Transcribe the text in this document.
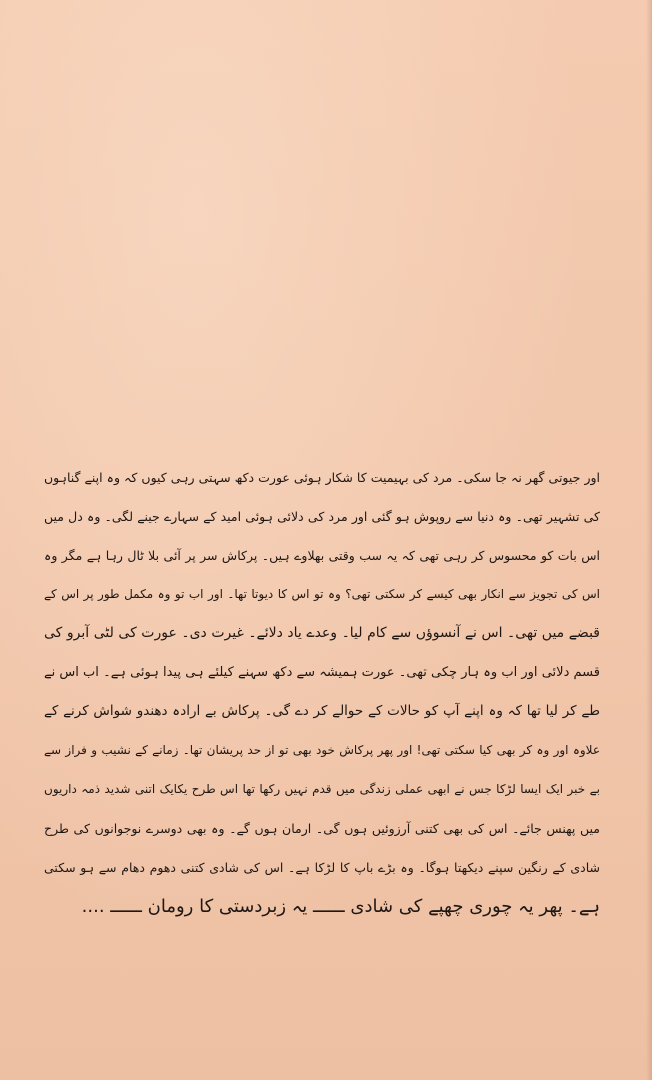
اور جیوتی گھر نہ جا سکی۔ مرد کی بہیمیت کا شکار ہوئی عورت دکھ سہتی رہی کیوں کہ وہ اپنے گناہوں
کی تشہیر تھی۔ وہ دنیا سے روپوش ہو گئی اور مرد کی دلائی ہوئی امید کے سہارے جینے لگی۔ وہ دل میں
اس بات کو محسوس کر رہی تھی کہ یہ سب وقتی بھلاوے ہیں۔ پرکاش سر پر آئی بلا ٹال رہا ہے مگر وہ
اس کی تجویز سے انکار بھی کیسے کر سکتی تھی؟ وہ تو اس کا دیوتا تھا۔ اور اب تو وہ مکمل طور پر اس کے
قبضے میں تھی۔ اس نے آنسوؤں سے کام لیا۔ وعدے یاد دلائے۔ غیرت دی۔ عورت کی لٹی آبرو کی
قسم دلائی اور اب وہ ہار چکی تھی۔ عورت ہمیشہ سے دکھ سہنے کیلئے ہی پیدا ہوئی ہے۔ اب اس نے
طے کر لیا تھا کہ وہ اپنے آپ کو حالات کے حوالے کر دے گی۔ پرکاش بے ارادہ دھندو شواش کرنے کے
علاوہ اور وہ کر بھی کیا سکتی تھی! اور پھر پرکاش خود بھی تو از حد پریشان تھا۔ زمانے کے نشیب و فراز سے
بے خبر ایک ایسا لڑکا جس نے ابھی عملی زندگی میں قدم نہیں رکھا تھا اس طرح یکایک اتنی شدید ذمہ داریوں
میں پھنس جائے۔ اس کی بھی کتنی آرزوئیں ہوں گی۔ ارمان ہوں گے۔ وہ بھی دوسرے نوجوانوں کی طرح
شادی کے رنگین سپنے دیکھتا ہوگا۔ وہ بڑے باپ کا لڑکا ہے۔ اس کی شادی کتنی دھوم دھام سے ہو سکتی
ہے۔ پھر یہ چوری چھپے کی شادی ــــــ یہ زبردستی کا رومان ــــــ ....
